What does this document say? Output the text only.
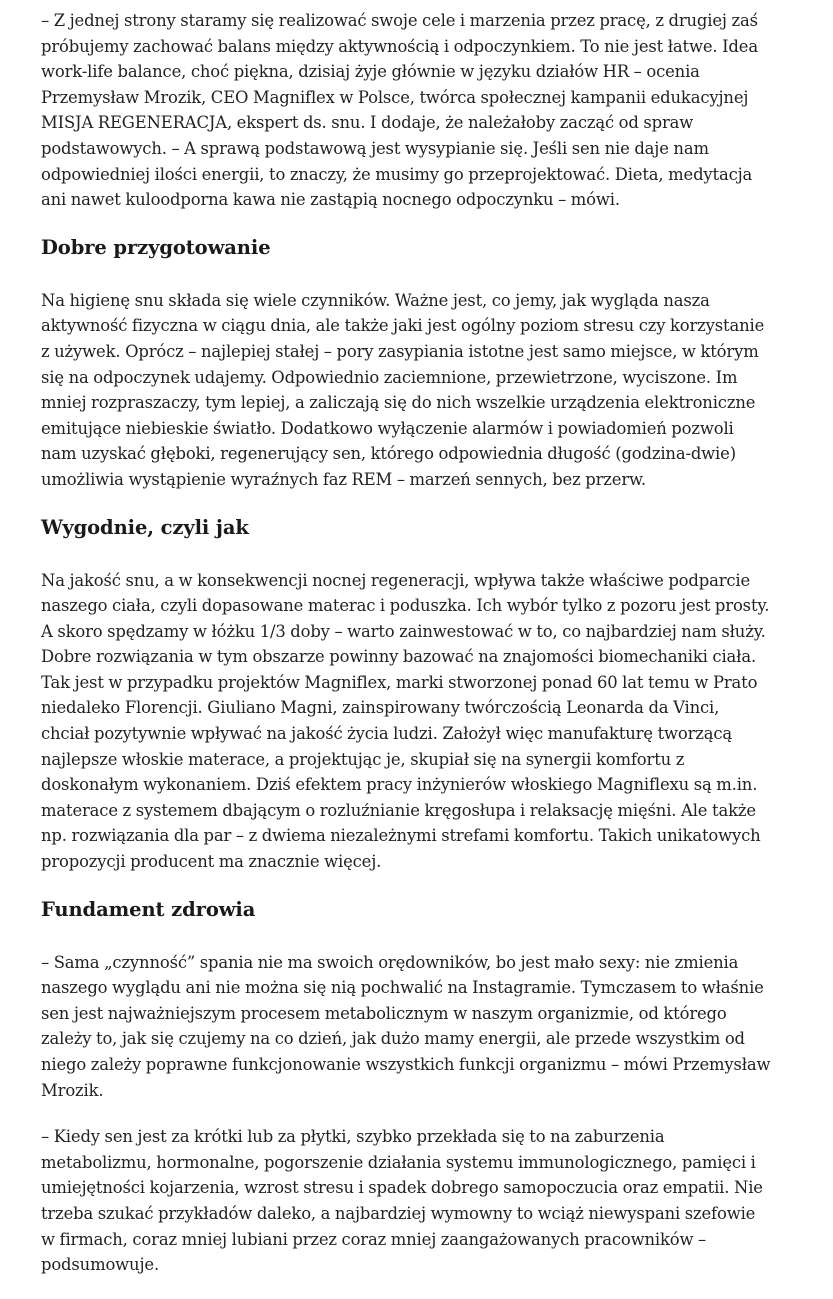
– Z jednej strony staramy się realizować swoje cele i marzenia przez pracę, z drugiej zaś próbujemy zachować balans między aktywnością i odpoczynkiem. To nie jest łatwe. Idea work-life balance, choć piękna, dzisiaj żyje głównie w języku działów HR – ocenia Przemysław Mrozik, CEO Magniflex w Polsce, twórca społecznej kampanii edukacyjnej MISJA REGENERACJA, ekspert ds. snu. I dodaje, że należałoby zacząć od spraw podstawowych. – A sprawą podstawową jest wysypianie się. Jeśli sen nie daje nam odpowiedniej ilości energii, to znaczy, że musimy go przeprojektować. Dieta, medytacja ani nawet kuloodporna kawa nie zastąpią nocnego odpoczynku – mówi.

Dobre przygotowanie

Na higienę snu składa się wiele czynników. Ważne jest, co jemy, jak wygląda nasza aktywność fizyczna w ciągu dnia, ale także jaki jest ogólny poziom stresu czy korzystanie z używek. Oprócz – najlepiej stałej – pory zasypiania istotne jest samo miejsce, w którym się na odpoczynek udajemy. Odpowiednio zaciemnione, przewietrzone, wyciszone. Im mniej rozpraszaczy, tym lepiej, a zaliczają się do nich wszelkie urządzenia elektroniczne emitujące niebieskie światło. Dodatkowo wyłączenie alarmów i powiadomień pozwoli nam uzyskać głęboki, regenerujący sen, którego odpowiednia długość (godzina-dwie) umożliwia wystąpienie wyraźnych faz REM – marzeń sennych, bez przerw.

Wygodnie, czyli jak

Na jakość snu, a w konsekwencji nocnej regeneracji, wpływa także właściwe podparcie naszego ciała, czyli dopasowane materac i poduszka. Ich wybór tylko z pozoru jest prosty. A skoro spędzamy w łóżku 1/3 doby – warto zainwestować w to, co najbardziej nam służy. Dobre rozwiązania w tym obszarze powinny bazować na znajomości biomechaniki ciała. Tak jest w przypadku projektów Magniflex, marki stworzonej ponad 60 lat temu w Prato niedaleko Florencji. Giuliano Magni, zainspirowany twórczością Leonarda da Vinci, chciał pozytywnie wpływać na jakość życia ludzi. Założył więc manufakturę tworzącą najlepsze włoskie materace, a projektując je, skupiał się na synergii komfortu z doskonałym wykonaniem. Dziś efektem pracy inżynierów włoskiego Magniflexu są m.in. materace z systemem dbającym o rozluźnianie kręgosłupa i relaksację mięśni. Ale także np. rozwiązania dla par – z dwiema niezależnymi strefami komfortu. Takich unikatowych propozycji producent ma znacznie więcej.

Fundament zdrowia

– Sama „czynność” spania nie ma swoich orędowników, bo jest mało sexy: nie zmienia naszego wyglądu ani nie można się nią pochwalić na Instagramie. Tymczasem to właśnie sen jest najważniejszym procesem metabolicznym w naszym organizmie, od którego zależy to, jak się czujemy na co dzień, jak dużo mamy energii, ale przede wszystkim od niego zależy poprawne funkcjonowanie wszystkich funkcji organizmu – mówi Przemysław Mrozik.

– Kiedy sen jest za krótki lub za płytki, szybko przekłada się to na zaburzenia metabolizmu, hormonalne, pogorszenie działania systemu immunologicznego, pamięci i umiejętności kojarzenia, wzrost stresu i spadek dobrego samopoczucia oraz empatii. Nie trzeba szukać przykładów daleko, a najbardziej wymowny to wciąż niewyspani szefowie w firmach, coraz mniej lubiani przez coraz mniej zaangażowanych pracowników – podsumowuje.
